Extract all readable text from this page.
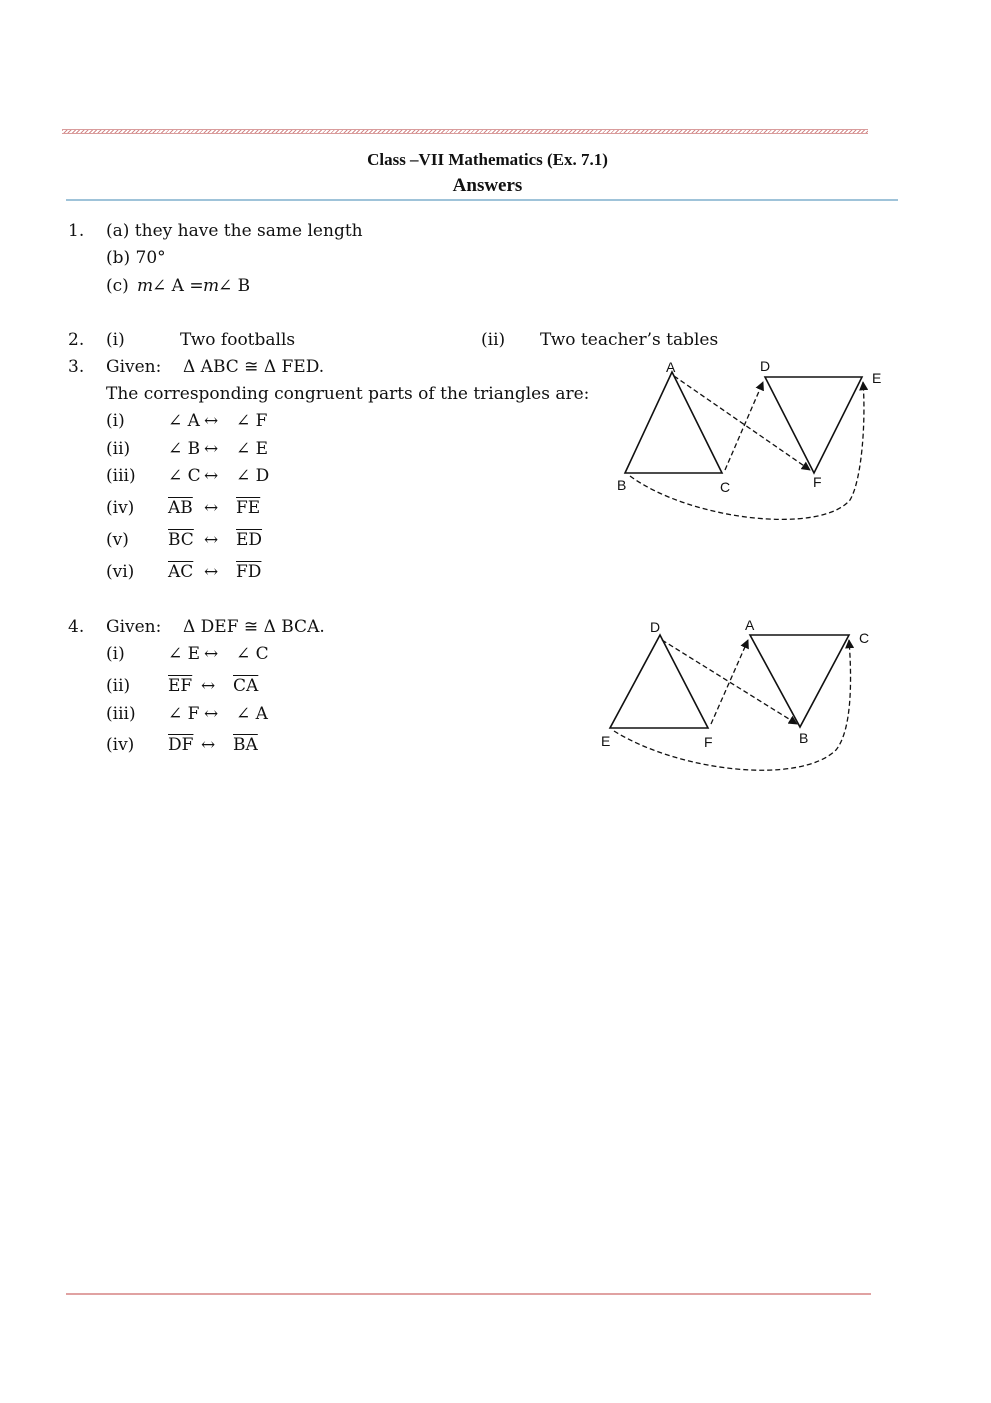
Class –VII Mathematics (Ex. 7.1)
Answers
1. (a) they have the same length
(b) 70°
(c) m
∠ A = m
∠ B
2. (i)	Two footballs	(ii) Two teacher’s tables
3. Given: Δ ABC ≅ Δ FED.
The corresponding congruent parts of the triangles are:
(i)	∠ A ↔ ∠ F
(ii) ∠ B ↔ ∠ E
(iii) ∠ C ↔ ∠ D
(iv) $\overline{AB}$ ↔ $\overline{FE}$
(v) $\overline{BC}$ ↔ $\overline{ED}$
(vi) $\overline{AC}$ ↔ $\overline{FD}$
A
B	C
D
E
F
4. Given: Δ DEF ≅ Δ BCA.
(i)	∠ E ↔ ∠ C
(ii) $\overline{EF}$ ↔ $\overline{CA}$
(iii) ∠ F ↔ ∠ A
(iv) $\overline{DF}$ ↔ $\overline{BA}$
D
E	F
A
C
B
